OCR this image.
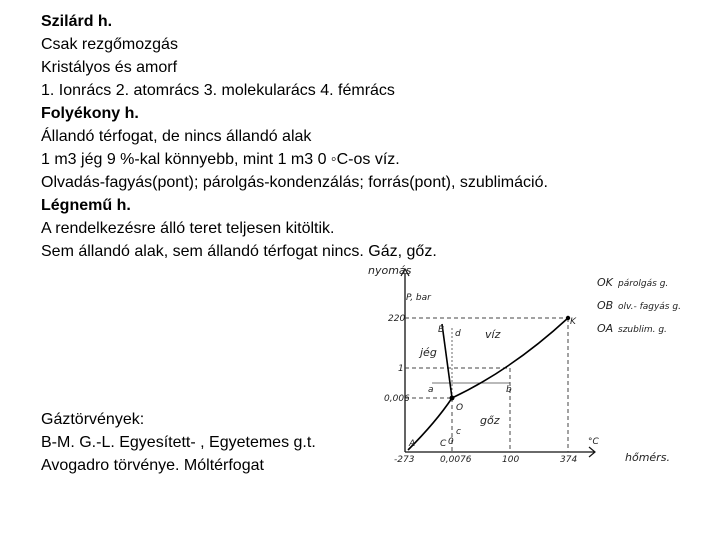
Szilárd h.
Csak rezgőmozgás
Kristályos és amorf
1. Ionrács 2. atomrács 3. molekularács 4. fémrács
Folyékony h.
Állandó térfogat, de nincs állandó alak
1 m3 jég 9 %-kal könnyebb, mint 1 m3 0 ◦C-os víz.
Olvadás-fagyás(pont); párolgás-kondenzálás; forrás(pont), szublimáció.
Légnemű h.
A rendelkezésre álló teret teljesen kitöltik.
Sem állandó alak, sem állandó térfogat nincs. Gáz, gőz.
Gáztörvények:
B-M. G.-L. Egyesített- , Egyetemes g.t.
Avogadro törvénye. Móltérfogat
nyomás
P, bar
hőmérs.
°C
220
1
0,006
-273	0,0076	100	374
0
A
B
C
O
K
a	b
c
d
jég
víz
gőz
OK párolgás g.
OB olv.- fagyás g.
OA szublim. g.
